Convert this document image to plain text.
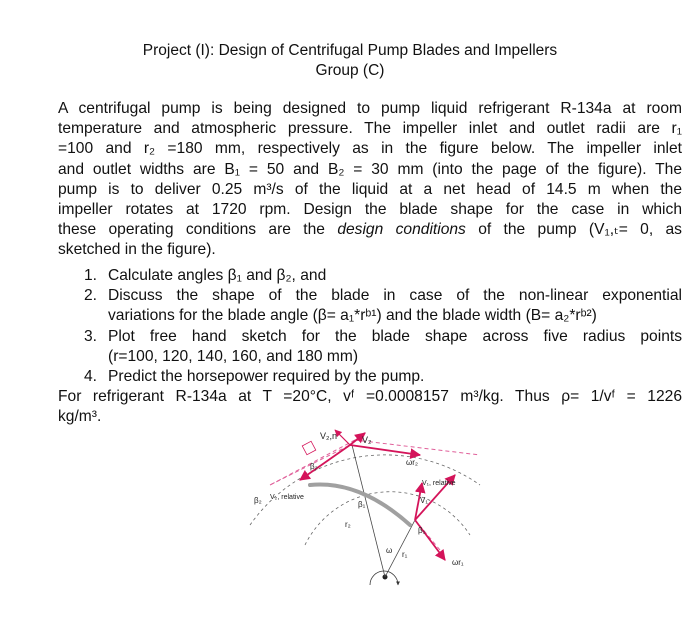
Project (I): Design of Centrifugal Pump Blades and Impellers
Group (C)
A centrifugal pump is being designed to pump liquid refrigerant R-134a at room
temperature and atmospheric pressure. The impeller inlet and outlet radii are r₁
=100 and r₂ =180 mm, respectively as in the figure below. The impeller inlet
and outlet widths are B₁ = 50 and B₂ = 30 mm (into the page of the figure). The
pump is to deliver 0.25 m³/s of the liquid at a net head of 14.5 m when the
impeller rotates at 1720 rpm. Design the blade shape for the case in which
these operating conditions are the design conditions of the pump (V₁,ₜ= 0, as
sketched in the figure).
1. Calculate angles β₁ and β₂, and
2. Discuss the shape of the blade in case of the non-linear exponential
variations for the blade angle (β= a₁*rᵇ¹) and the blade width (B= a₂*rᵇ²)
3. Plot free hand sketch for the blade shape across five radius points
(r=100, 120, 140, 160, and 180 mm)
4. Predict the horsepower required by the pump.
For refrigerant R-134a at T =20°C, vᶠ =0.0008157 m³/kg. Thus ρ= 1/vᶠ = 1226
kg/m³.
V₂,n	V₂
ωr₂
β₂
V₁, relative
V₂, relative
β₂	β₁	V₁
r₂
β₁
ω r₁
ωr₁
